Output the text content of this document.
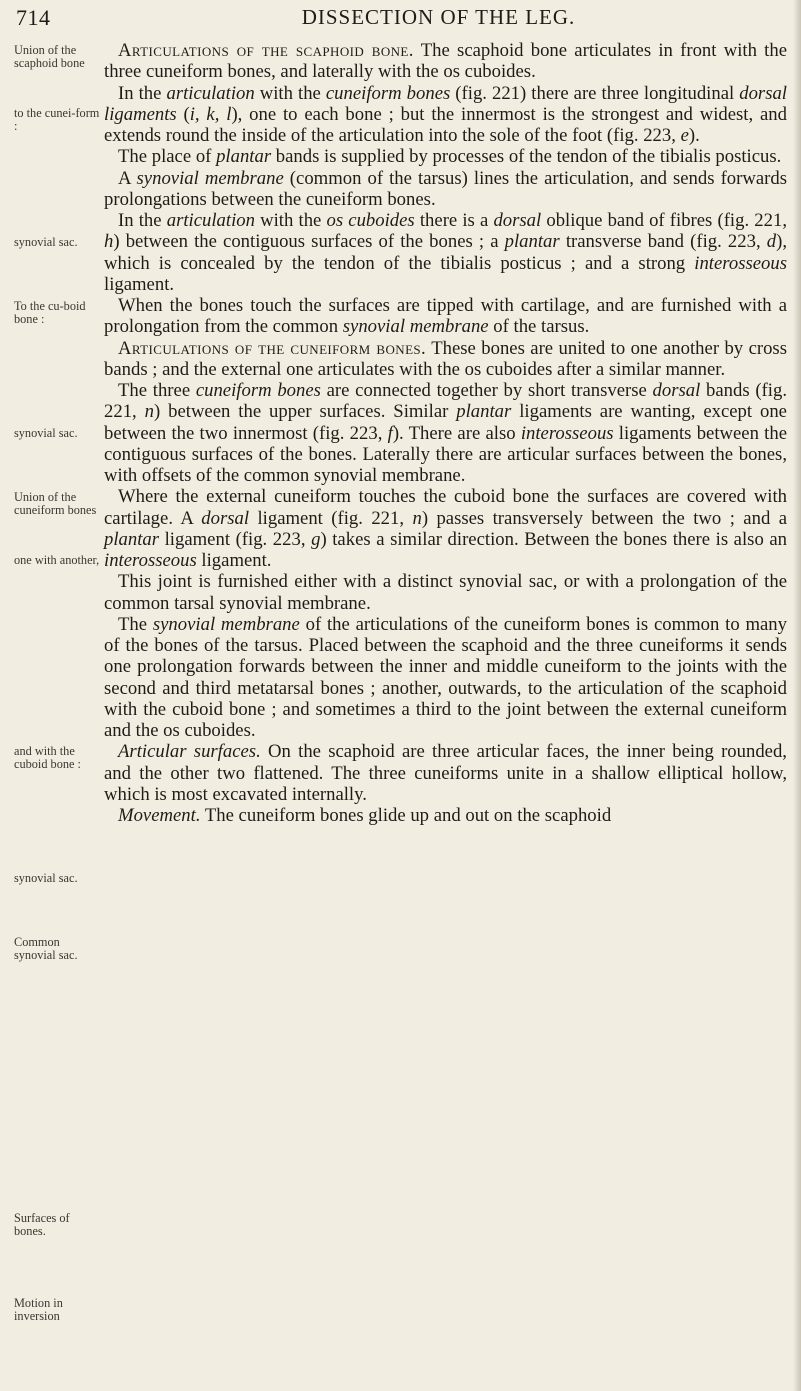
714	DISSECTION OF THE LEG.
Union of the scaphoid bone
to the cunei-form :
synovial sac.
To the cu-boid bone :
synovial sac.
Union of the cuneiform bones
one with another,
and with the cuboid bone :
synovial sac.
Common synovial sac.
Surfaces of bones.
Motion in inversion

Articulations of the scaphoid bone. The scaphoid bone articulates in front with the three cuneiform bones, and laterally with the os cuboides.

In the articulation with the cuneiform bones (fig. 221) there are three longitudinal dorsal ligaments (i, k, l), one to each bone ; but the innermost is the strongest and widest, and extends round the inside of the articulation into the sole of the foot (fig. 223, e).

The place of plantar bands is supplied by processes of the tendon of the tibialis posticus.

A synovial membrane (common of the tarsus) lines the articulation, and sends forwards prolongations between the cuneiform bones.

In the articulation with the os cuboides there is a dorsal oblique band of fibres (fig. 221, h) between the contiguous surfaces of the bones ; a plantar transverse band (fig. 223, d), which is concealed by the tendon of the tibialis posticus ; and a strong interosseous ligament.

When the bones touch the surfaces are tipped with cartilage, and are furnished with a prolongation from the common synovial membrane of the tarsus.

Articulations of the cuneiform bones. These bones are united to one another by cross bands ; and the external one articulates with the os cuboides after a similar manner.

The three cuneiform bones are connected together by short transverse dorsal bands (fig. 221, n) between the upper surfaces. Similar plantar ligaments are wanting, except one between the two innermost (fig. 223, f). There are also interosseous ligaments between the contiguous surfaces of the bones. Laterally there are articular surfaces between the bones, with offsets of the common synovial membrane.

Where the external cuneiform touches the cuboid bone the surfaces are covered with cartilage. A dorsal ligament (fig. 221, n) passes transversely between the two ; and a plantar ligament (fig. 223, g) takes a similar direction. Between the bones there is also an interosseous ligament.

This joint is furnished either with a distinct synovial sac, or with a prolongation of the common tarsal synovial membrane.

The synovial membrane of the articulations of the cuneiform bones is common to many of the bones of the tarsus. Placed between the scaphoid and the three cuneiforms it sends one prolongation forwards between the inner and middle cuneiform to the joints with the second and third metatarsal bones ; another, outwards, to the articulation of the scaphoid with the cuboid bone ; and sometimes a third to the joint between the external cuneiform and the os cuboides.

Articular surfaces. On the scaphoid are three articular faces, the inner being rounded, and the other two flattened. The three cuneiforms unite in a shallow elliptical hollow, which is most excavated internally.

Movement. The cuneiform bones glide up and out on the scaphoid
